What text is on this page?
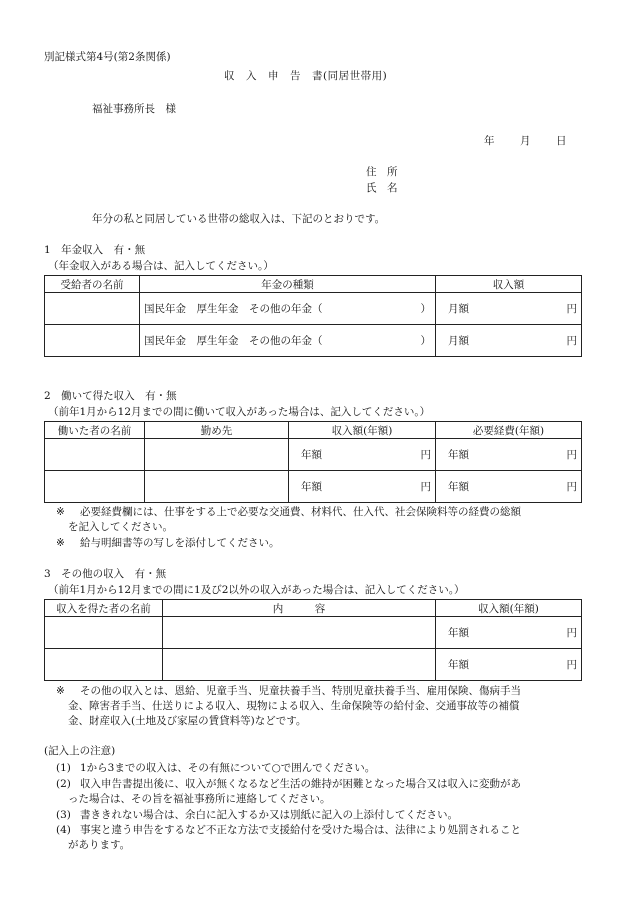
別記様式第4号(第2条関係)
収　入　申　告　書(同居世帯用)
福祉事務所長　様
年 月 日
住　所
氏　名
年分の私と同居している世帯の総収入は、下記のとおりです。
1　年金収入　有・無
（年金収入がある場合は、記入してください。）
受給者の名前	年金の種類	収入額

	国民年金　厚生年金　その他の年金（ ）	月額 円

	国民年金　厚生年金　その他の年金（ ）	月額 円
2　働いて得た収入　有・無
（前年1月から12月までの間に働いて収入があった場合は、記入してください。）
働いた者の名前	勤め先	収入額(年額)	必要経費(年額)

		年額 円	年額 円

		年額 円	年額 円
※	必要経費欄には、仕事をする上で必要な交通費、材料代、仕入代、社会保険料等の経費の総額
を記入してください。
※	給与明細書等の写しを添付してください。
3　その他の収入　有・無
（前年1月から12月までの間に1及び2以外の収入があった場合は、記入してください。）
収入を得た者の名前	内　　　容	収入額(年額)

		年額 円

		年額 円
※	その他の収入とは、恩給、児童手当、児童扶養手当、特別児童扶養手当、雇用保険、傷病手当
金、障害者手当、仕送りによる収入、現物による収入、生命保険等の給付金、交通事故等の補償
金、財産収入(土地及び家屋の賃貸料等)などです。
(記入上の注意)
(1) 1から3までの収入は、その有無について○で囲んでください。
(2) 収入申告書提出後に、収入が無くなるなど生活の維持が困難となった場合又は収入に変動があ
った場合は、その旨を福祉事務所に連絡してください。
(3) 書ききれない場合は、余白に記入するか又は別紙に記入の上添付してください。
(4) 事実と違う申告をするなど不正な方法で支援給付を受けた場合は、法律により処罰されること
があります。
